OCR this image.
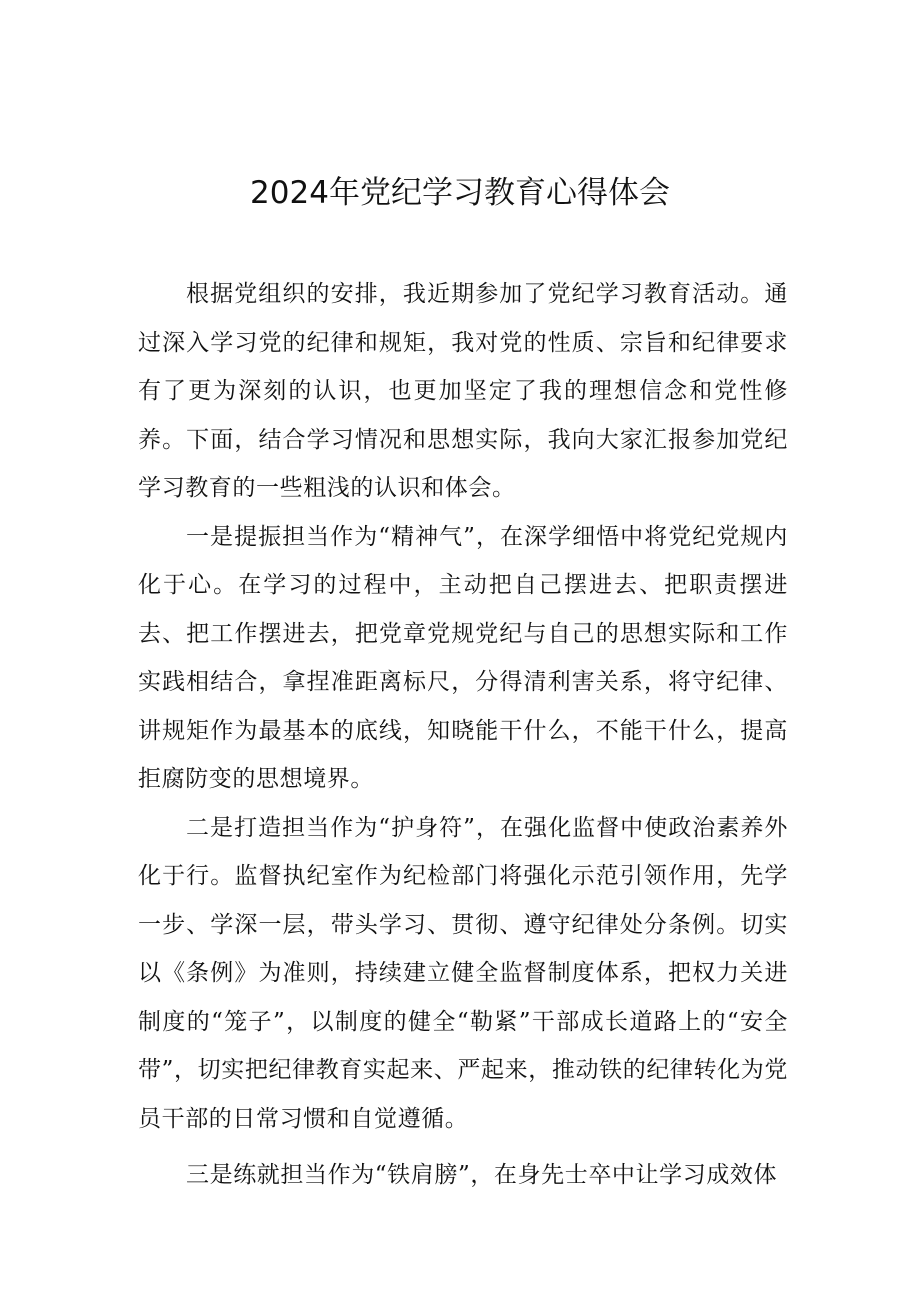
2024年党纪学习教育心得体会

根据党组织的安排，我近期参加了党纪学习教育活动。通过深入学习党的纪律和规矩，我对党的性质、宗旨和纪律要求有了更为深刻的认识，也更加坚定了我的理想信念和党性修养。下面，结合学习情况和思想实际，我向大家汇报参加党纪学习教育的一些粗浅的认识和体会。

一是提振担当作为“精神气”，在深学细悟中将党纪党规内化于心。在学习的过程中，主动把自己摆进去、把职责摆进去、把工作摆进去，把党章党规党纪与自己的思想实际和工作实践相结合，拿捏准距离标尺，分得清利害关系，将守纪律、讲规矩作为最基本的底线，知晓能干什么，不能干什么，提高拒腐防变的思想境界。

二是打造担当作为“护身符”，在强化监督中使政治素养外化于行。监督执纪室作为纪检部门将强化示范引领作用，先学一步、学深一层，带头学习、贯彻、遵守纪律处分条例。切实以《条例》为准则，持续建立健全监督制度体系，把权力关进制度的“笼子”，以制度的健全“勒紧”干部成长道路上的“安全带”，切实把纪律教育实起来、严起来，推动铁的纪律转化为党员干部的日常习惯和自觉遵循。

三是练就担当作为“铁肩膀”，在身先士卒中让学习成效体
